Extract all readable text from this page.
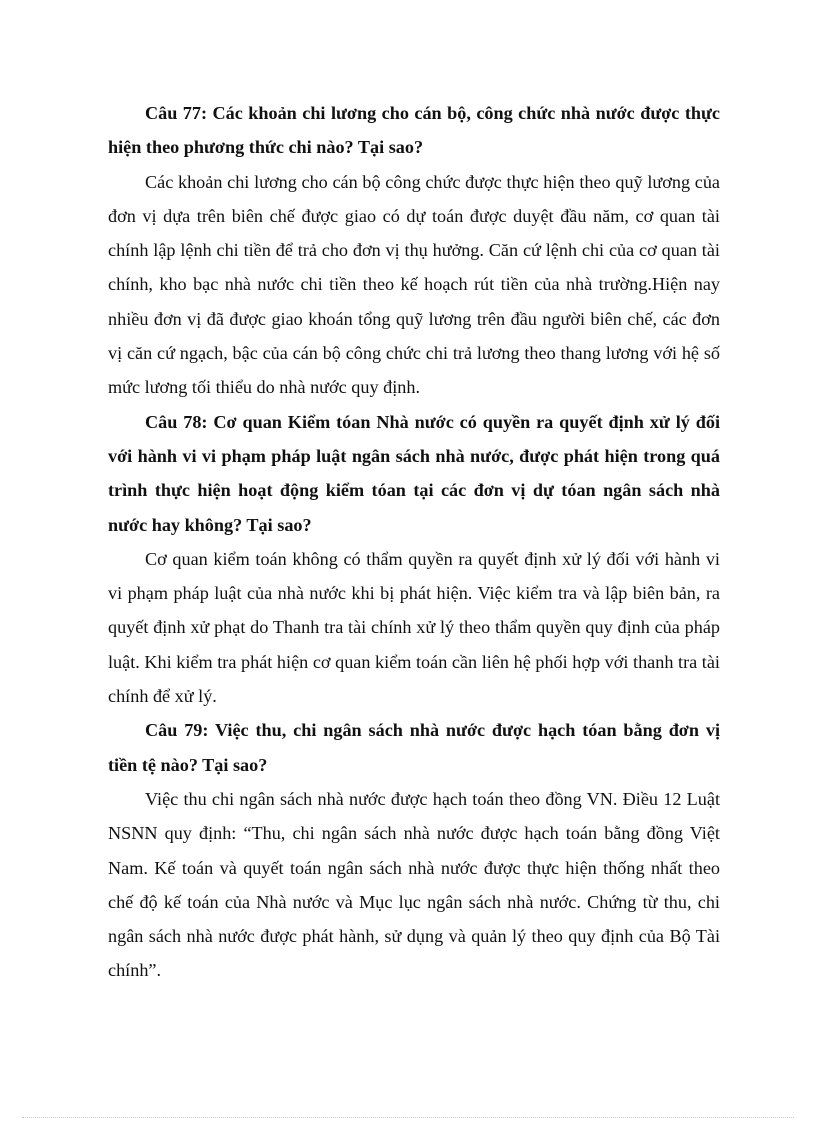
Câu 77: Các khoản chi lương cho cán bộ, công chức nhà nước được thực hiện theo phương thức chi nào? Tại sao?

Các khoản chi lương cho cán bộ công chức được thực hiện theo quỹ lương của đơn vị dựa trên biên chế được giao có dự toán được duyệt đầu năm, cơ quan tài chính lập lệnh chi tiền để trả cho đơn vị thụ hưởng. Căn cứ lệnh chi của cơ quan tài chính, kho bạc nhà nước chi tiền theo kế hoạch rút tiền của nhà trường.Hiện nay nhiều đơn vị đã được giao khoán tổng quỹ lương trên đầu người biên chế, các đơn vị căn cứ ngạch, bậc của cán bộ công chức chi trả lương theo thang lương với hệ số mức lương tối thiểu do nhà nước quy định.

Câu 78: Cơ quan Kiểm tóan Nhà nước có quyền ra quyết định xử lý đối với hành vi vi phạm pháp luật ngân sách nhà nước, được phát hiện trong quá trình thực hiện hoạt động kiểm tóan tại các đơn vị dự tóan ngân sách nhà nước hay không? Tại sao?

Cơ quan kiểm toán không có thẩm quyền ra quyết định xử lý đối với hành vi vi phạm pháp luật của nhà nước khi bị phát hiện. Việc kiểm tra và lập biên bản, ra quyết định xử phạt do Thanh tra tài chính xử lý theo thẩm quyền quy định của pháp luật. Khi kiểm tra phát hiện cơ quan kiểm toán cần liên hệ phối hợp với thanh tra tài chính để xử lý.

Câu 79: Việc thu, chi ngân sách nhà nước được hạch tóan bằng đơn vị tiền tệ nào? Tại sao?

Việc thu chi ngân sách nhà nước được hạch toán theo đồng VN. Điều 12 Luật NSNN quy định: “Thu, chi ngân sách nhà nước được hạch toán bằng đồng Việt Nam. Kế toán và quyết toán ngân sách nhà nước được thực hiện thống nhất theo chế độ kế toán của Nhà nước và Mục lục ngân sách nhà nước. Chứng từ thu, chi ngân sách nhà nước được phát hành, sử dụng và quản lý theo quy định của Bộ Tài chính”.
